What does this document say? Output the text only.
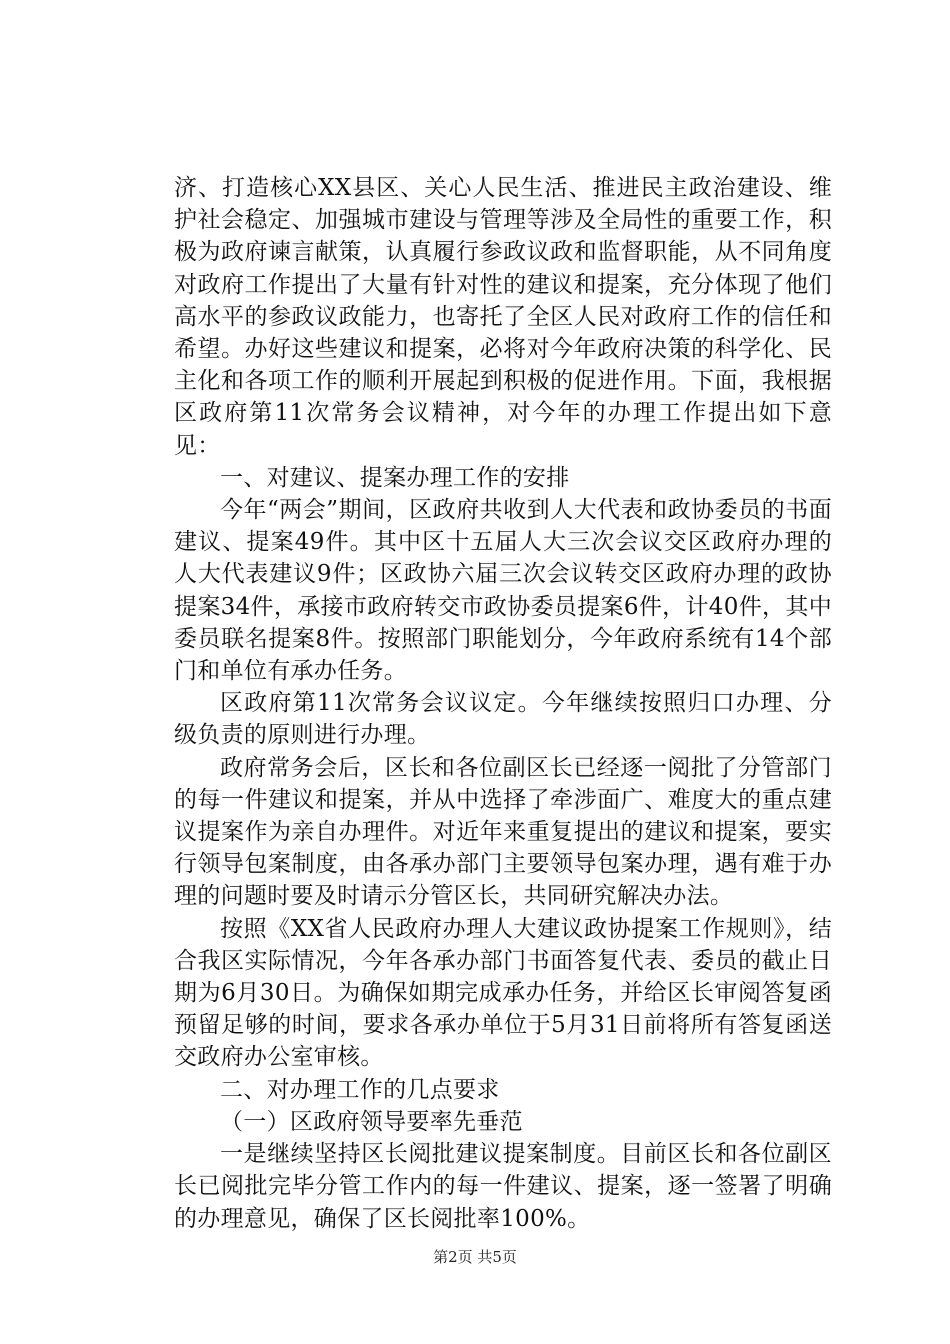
济、打造核心XX县区、关心人民生活、推进民主政治建设、维护社会稳定、加强城市建设与管理等涉及全局性的重要工作，积极为政府谏言献策，认真履行参政议政和监督职能，从不同角度对政府工作提出了大量有针对性的建议和提案，充分体现了他们高水平的参政议政能力，也寄托了全区人民对政府工作的信任和希望。办好这些建议和提案，必将对今年政府决策的科学化、民主化和各项工作的顺利开展起到积极的促进作用。下面，我根据区政府第11次常务会议精神，对今年的办理工作提出如下意见：

一、对建议、提案办理工作的安排

今年“两会”期间，区政府共收到人大代表和政协委员的书面建议、提案49件。其中区十五届人大三次会议交区政府办理的人大代表建议9件；区政协六届三次会议转交区政府办理的政协提案34件，承接市政府转交市政协委员提案6件，计40件，其中委员联名提案8件。按照部门职能划分，今年政府系统有14个部门和单位有承办任务。

区政府第11次常务会议议定。今年继续按照归口办理、分级负责的原则进行办理。

政府常务会后，区长和各位副区长已经逐一阅批了分管部门的每一件建议和提案，并从中选择了牵涉面广、难度大的重点建议提案作为亲自办理件。对近年来重复提出的建议和提案，要实行领导包案制度，由各承办部门主要领导包案办理，遇有难于办理的问题时要及时请示分管区长，共同研究解决办法。

按照《XX省人民政府办理人大建议政协提案工作规则》，结合我区实际情况，今年各承办部门书面答复代表、委员的截止日期为6月30日。为确保如期完成承办任务，并给区长审阅答复函预留足够的时间，要求各承办单位于5月31日前将所有答复函送交政府办公室审核。

二、对办理工作的几点要求

（一）区政府领导要率先垂范

一是继续坚持区长阅批建议提案制度。目前区长和各位副区长已阅批完毕分管工作内的每一件建议、提案，逐一签署了明确的办理意见，确保了区长阅批率100%。

第2页 共5页
